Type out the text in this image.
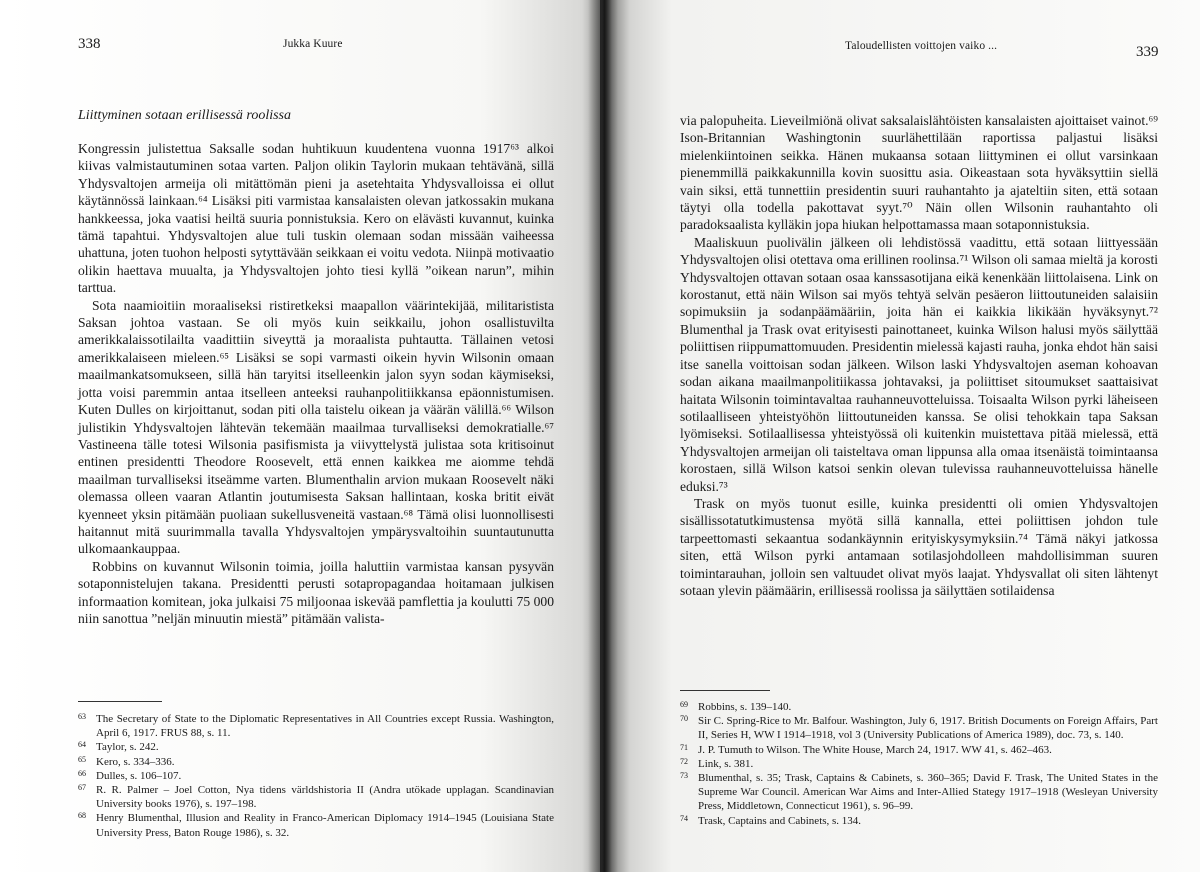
338	Jukka Kuure
Liittyminen sotaan erillisessä roolissa

Kongressin julistettua Saksalle sodan huhtikuun kuudentena vuonna 1917⁶³ alkoi kiivas valmistautuminen sotaa varten. Paljon olikin Taylorin mukaan tehtävänä, sillä Yhdysvaltojen armeija oli mitättömän pieni ja asetehtaita Yhdysvalloissa ei ollut käytännössä lainkaan.⁶⁴ Lisäksi piti varmistaa kansalaisten olevan jatkossakin mukana hankkeessa, joka vaatisi heiltä suuria ponnistuksia. Kero on elävästi kuvannut, kuinka tämä tapahtui. Yhdysvaltojen alue tuli tuskin olemaan sodan missään vaiheessa uhattuna, joten tuohon helposti sytyttävään seikkaan ei voitu vedota. Niinpä motivaatio olikin haettava muualta, ja Yhdysvaltojen johto tiesi kyllä ”oikean narun”, mihin tarttua.

Sota naamioitiin moraaliseksi ristiretkeksi maapallon väärintekijää, militaristista Saksan johtoa vastaan. Se oli myös kuin seikkailu, johon osallistuvilta amerikkalaissotilailta vaadittiin siveyttä ja moraalista puhtautta. Tällainen vetosi amerikkalaiseen mieleen.⁶⁵ Lisäksi se sopi varmasti oikein hyvin Wilsonin omaan maailmankatsomukseen, sillä hän taryitsi itselleenkin jalon syyn sodan käymiseksi, jotta voisi paremmin antaa itselleen anteeksi rauhanpolitiikkansa epäonnistumisen. Kuten Dulles on kirjoittanut, sodan piti olla taistelu oikean ja väärän välillä.⁶⁶ Wilson julistikin Yhdysvaltojen lähtevän tekemään maailmaa turvalliseksi demokratialle.⁶⁷ Vastineena tälle totesi Wilsonia pasifismista ja viivyttelystä julistaa sota kritisoinut entinen presidentti Theodore Roosevelt, että ennen kaikkea me aiomme tehdä maailman turvalliseksi itseämme varten. Blumenthalin arvion mukaan Roosevelt näki olemassa olleen vaaran Atlantin joutumisesta Saksan hallintaan, koska britit eivät kyenneet yksin pitämään puoliaan sukellusveneitä vastaan.⁶⁸ Tämä olisi luonnollisesti haitannut mitä suurimmalla tavalla Yhdysvaltojen ympärysvaltoihin suuntautunutta ulkomaankauppaa.

Robbins on kuvannut Wilsonin toimia, joilla haluttiin varmistaa kansan pysyvän sotaponnistelujen takana. Presidentti perusti sotapropagandaa hoitamaan julkisen informaation komitean, joka julkaisi 75 miljoonaa iskevää pamflettia ja koulutti 75 000 niin sanottua ”neljän minuutin miestä” pitämään valista-

63 The Secretary of State to the Diplomatic Representatives in All Countries except Russia. Washington, April 6, 1917. FRUS 88, s. 11.
64 Taylor, s. 242.
65 Kero, s. 334–336.
66 Dulles, s. 106–107.
67 R. R. Palmer – Joel Cotton, Nya tidens världshistoria II (Andra utökade upplagan. Scandinavian University books 1976), s. 197–198.
68 Henry Blumenthal, Illusion and Reality in Franco-American Diplomacy 1914–1945 (Louisiana State University Press, Baton Rouge 1986), s. 32.
Taloudellisten voittojen vaiko ...	339

via palopuheita. Lieveilmiönä olivat saksalaislähtöisten kansalaisten ajoittaiset vainot.⁶⁹ Ison-Britannian Washingtonin suurlähettilään raportissa paljastui lisäksi mielenkiintoinen seikka. Hänen mukaansa sotaan liittyminen ei ollut varsinkaan pienemmillä paikkakunnilla kovin suosittu asia. Oikeastaan sota hyväksyttiin siellä vain siksi, että tunnettiin presidentin suuri rauhantahto ja ajateltiin siten, että sotaan täytyi olla todella pakottavat syyt.⁷⁰ Näin ollen Wilsonin rauhantahto oli paradoksaalista kylläkin jopa hiukan helpottamassa maan sotaponnistuksia.

Maaliskuun puolivälin jälkeen oli lehdistössä vaadittu, että sotaan liittyessään Yhdysvaltojen olisi otettava oma erillinen roolinsa.⁷¹ Wilson oli samaa mieltä ja korosti Yhdysvaltojen ottavan sotaan osaa kanssasotijana eikä kenenkään liittolaisena. Link on korostanut, että näin Wilson sai myös tehtyä selvän pesäeron liittoutuneiden salaisiin sopimuksiin ja sodanpäämääriin, joita hän ei kaikkia likikään hyväksynyt.⁷² Blumenthal ja Trask ovat erityisesti painottaneet, kuinka Wilson halusi myös säilyttää poliittisen riippumattomuuden. Presidentin mielessä kajasti rauha, jonka ehdot hän saisi itse sanella voittoisan sodan jälkeen. Wilson laski Yhdysvaltojen aseman kohoavan sodan aikana maailmanpolitiikassa johtavaksi, ja poliittiset sitoumukset saattaisivat haitata Wilsonin toimintavaltaa rauhanneuvotteluissa. Toisaalta Wilson pyrki läheiseen sotilaalliseen yhteistyöhön liittoutuneiden kanssa. Se olisi tehokkain tapa Saksan lyömiseksi. Sotilaallisessa yhteistyössä oli kuitenkin muistettava pitää mielessä, että Yhdysvaltojen armeijan oli taisteltava oman lippunsa alla omaa itsenäistä toimintaansa korostaen, sillä Wilson katsoi senkin olevan tulevissa rauhanneuvotteluissa hänelle eduksi.⁷³

Trask on myös tuonut esille, kuinka presidentti oli omien Yhdysvaltojen sisällissotatutkimustensa myötä sillä kannalla, ettei poliittisen johdon tule tarpeettomasti sekaantua sodankäynnin erityiskysymyksiin.⁷⁴ Tämä näkyi jatkossa siten, että Wilson pyrki antamaan sotilasjohdolleen mahdollisimman suuren toimintarauhan, jolloin sen valtuudet olivat myös laajat. Yhdysvallat oli siten lähtenyt sotaan ylevin päämäärin, erillisessä roolissa ja säilyttäen sotilaidensa

69 Robbins, s. 139–140.
70 Sir C. Spring-Rice to Mr. Balfour. Washington, July 6, 1917. British Documents on Foreign Affairs, Part II, Series H, WW I 1914–1918, vol 3 (University Publications of America 1989), doc. 73, s. 140.
71 J. P. Tumuth to Wilson. The White House, March 24, 1917. WW 41, s. 462–463.
72 Link, s. 381.
73 Blumenthal, s. 35; Trask, Captains & Cabinets, s. 360–365; David F. Trask, The United States in the Supreme War Council. American War Aims and Inter-Allied Stategy 1917–1918 (Wesleyan University Press, Middletown, Connecticut 1961), s. 96–99.
74 Trask, Captains and Cabinets, s. 134.
